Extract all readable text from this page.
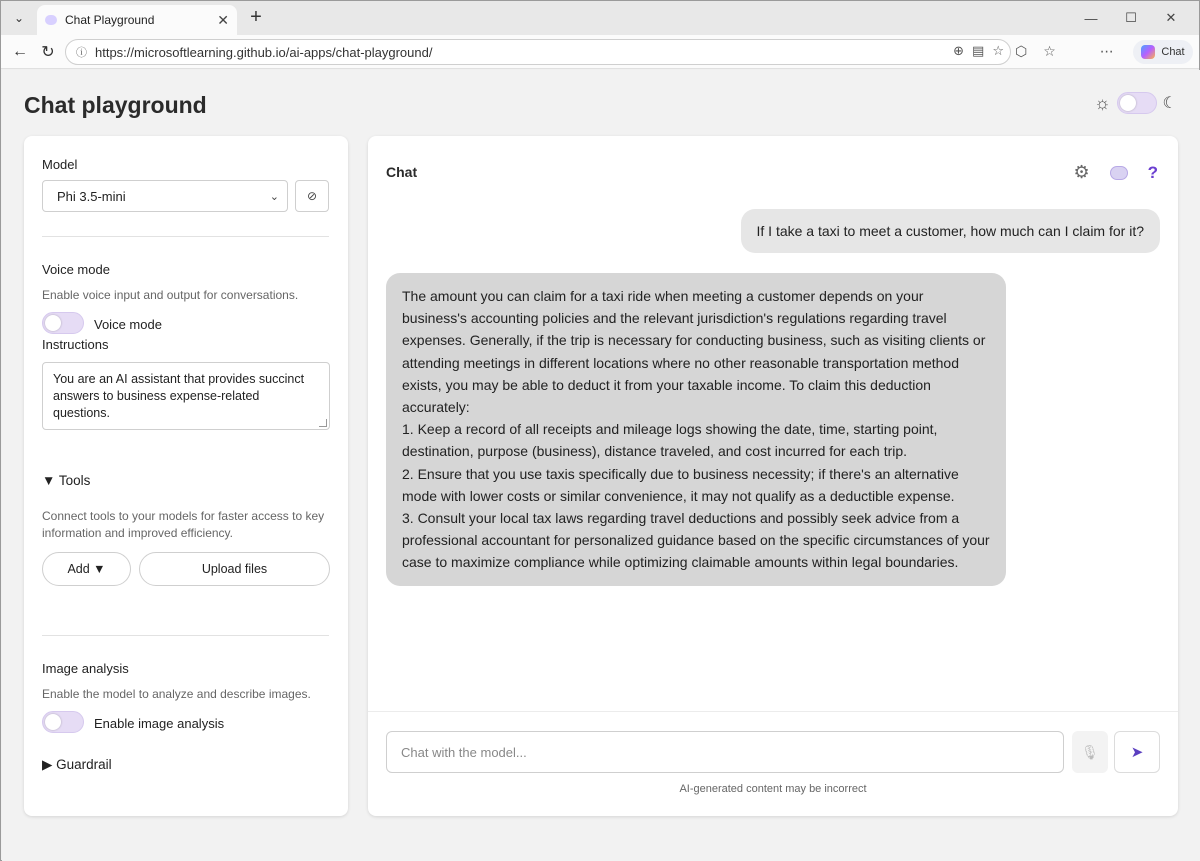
⌄	Chat Playground	✕ +	—	☐	✕
← ↻	ⓘ https://microsoftlearning.github.io/ai-apps/chat-playground/	⊕ ▤ ☆ ⬡ ☆	⋯	Chat
Chat playground	☼	☾
Model
Phi 3.5-mini	⌄ ⊘
Voice mode
Enable voice input and output for conversations.
Voice mode
Instructions
You are an AI assistant that provides succinct answers to business expense-related questions.
▼ Tools
Connect tools to your models for faster access to key information and improved efficiency.
Add ▼	Upload files
Image analysis
Enable the model to analyze and describe images.
Enable image analysis
▶ Guardrail
Chat	⚙	?
If I take a taxi to meet a customer, how much can I claim for it?

The amount you can claim for a taxi ride when meeting a customer depends on your business's accounting policies and the relevant jurisdiction's regulations regarding travel expenses. Generally, if the trip is necessary for conducting business, such as visiting clients or attending meetings in different locations where no other reasonable transportation method exists, you may be able to deduct it from your taxable income. To claim this deduction accurately:

1. Keep a record of all receipts and mileage logs showing the date, time, starting point, destination, purpose (business), distance traveled, and cost incurred for each trip.

2. Ensure that you use taxis specifically due to business necessity; if there's an alternative mode with lower costs or similar convenience, it may not qualify as a deductible expense.

3. Consult your local tax laws regarding travel deductions and possibly seek advice from a professional accountant for personalized guidance based on the specific circumstances of your case to maximize compliance while optimizing claimable amounts within legal boundaries.

Chat with the model...	🎙 ➤
AI-generated content may be incorrect
